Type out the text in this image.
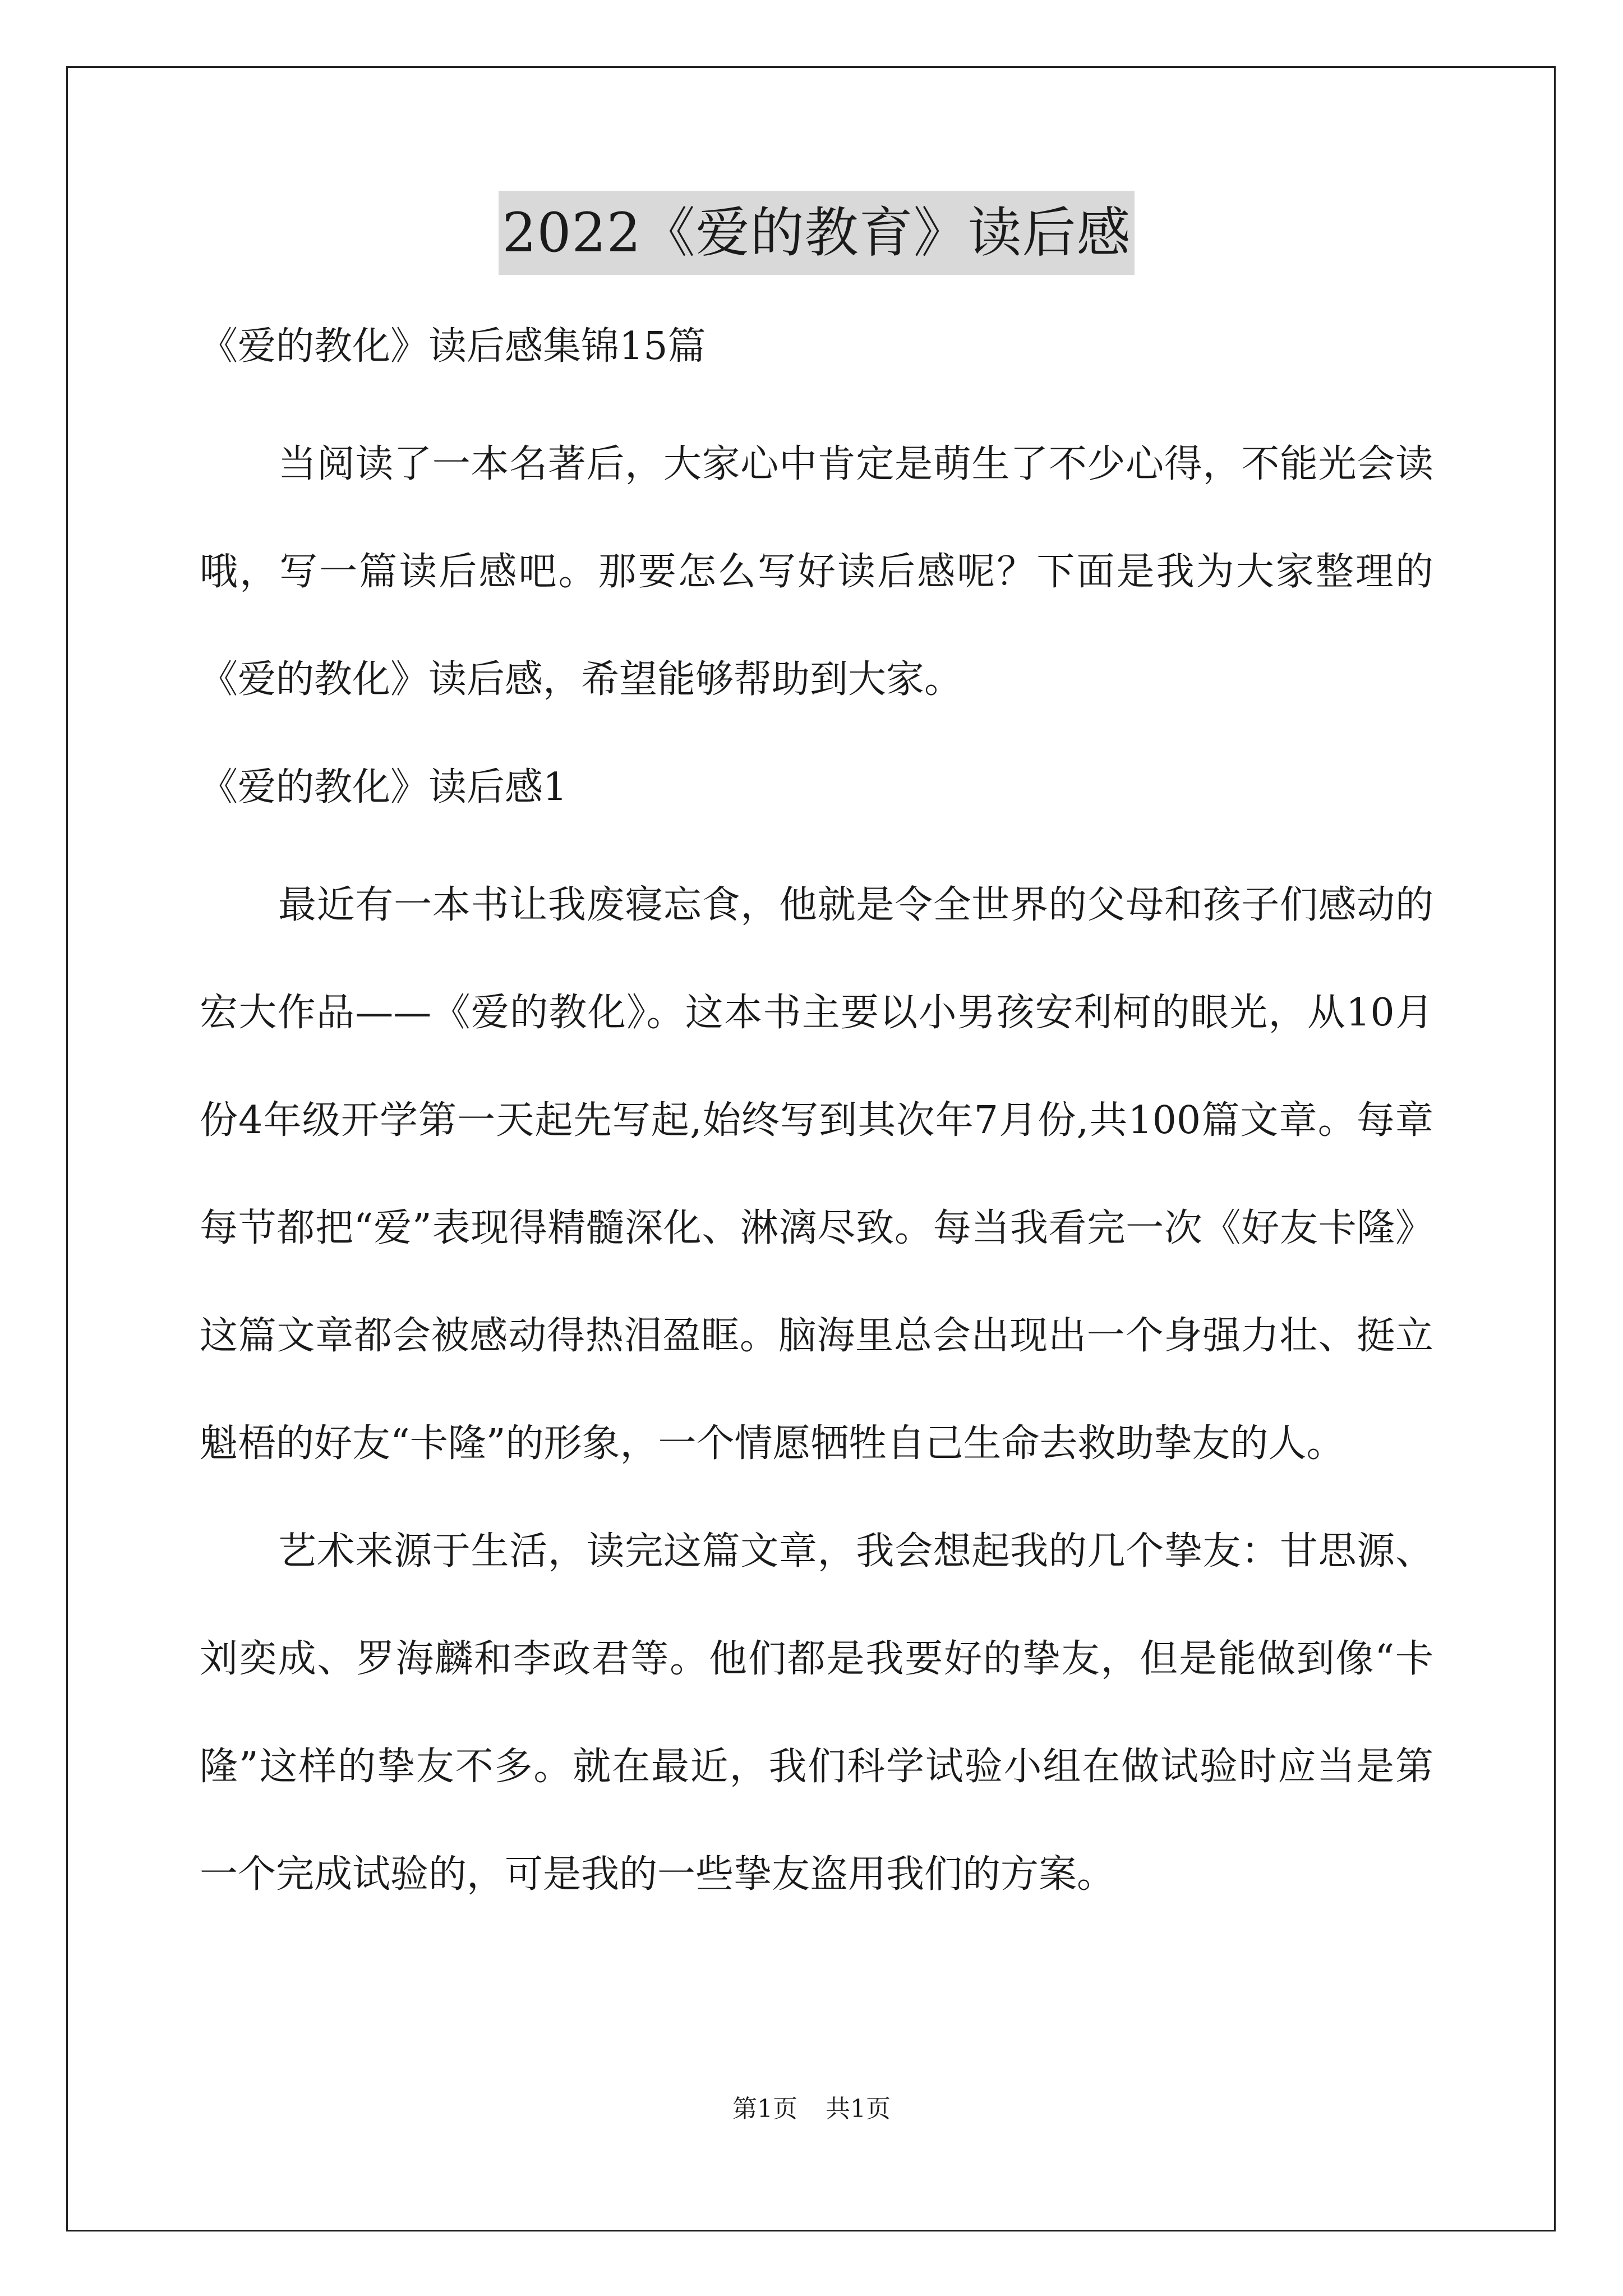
2022《爱的教育》读后感

《爱的教化》读后感集锦15篇

当阅读了一本名著后，大家心中肯定是萌生了不少心得，不能光会读哦，写一篇读后感吧。那要怎么写好读后感呢？下面是我为大家整理的《爱的教化》读后感，希望能够帮助到大家。

《爱的教化》读后感1

最近有一本书让我废寝忘食，他就是令全世界的父母和孩子们感动的宏大作品——《爱的教化》。这本书主要以小男孩安利柯的眼光，从10月份4年级开学第一天起先写起,始终写到其次年7月份,共100篇文章。每章每节都把“爱”表现得精髓深化、淋漓尽致。每当我看完一次《好友卡隆》这篇文章都会被感动得热泪盈眶。脑海里总会出现出一个身强力壮、挺立魁梧的好友“卡隆”的形象，一个情愿牺牲自己生命去救助挚友的人。

艺术来源于生活，读完这篇文章，我会想起我的几个挚友：甘思源、刘奕成、罗海麟和李政君等。他们都是我要好的挚友，但是能做到像“卡隆”这样的挚友不多。就在最近，我们科学试验小组在做试验时应当是第一个完成试验的，可是我的一些挚友盗用我们的方案。

第1页 共1页
